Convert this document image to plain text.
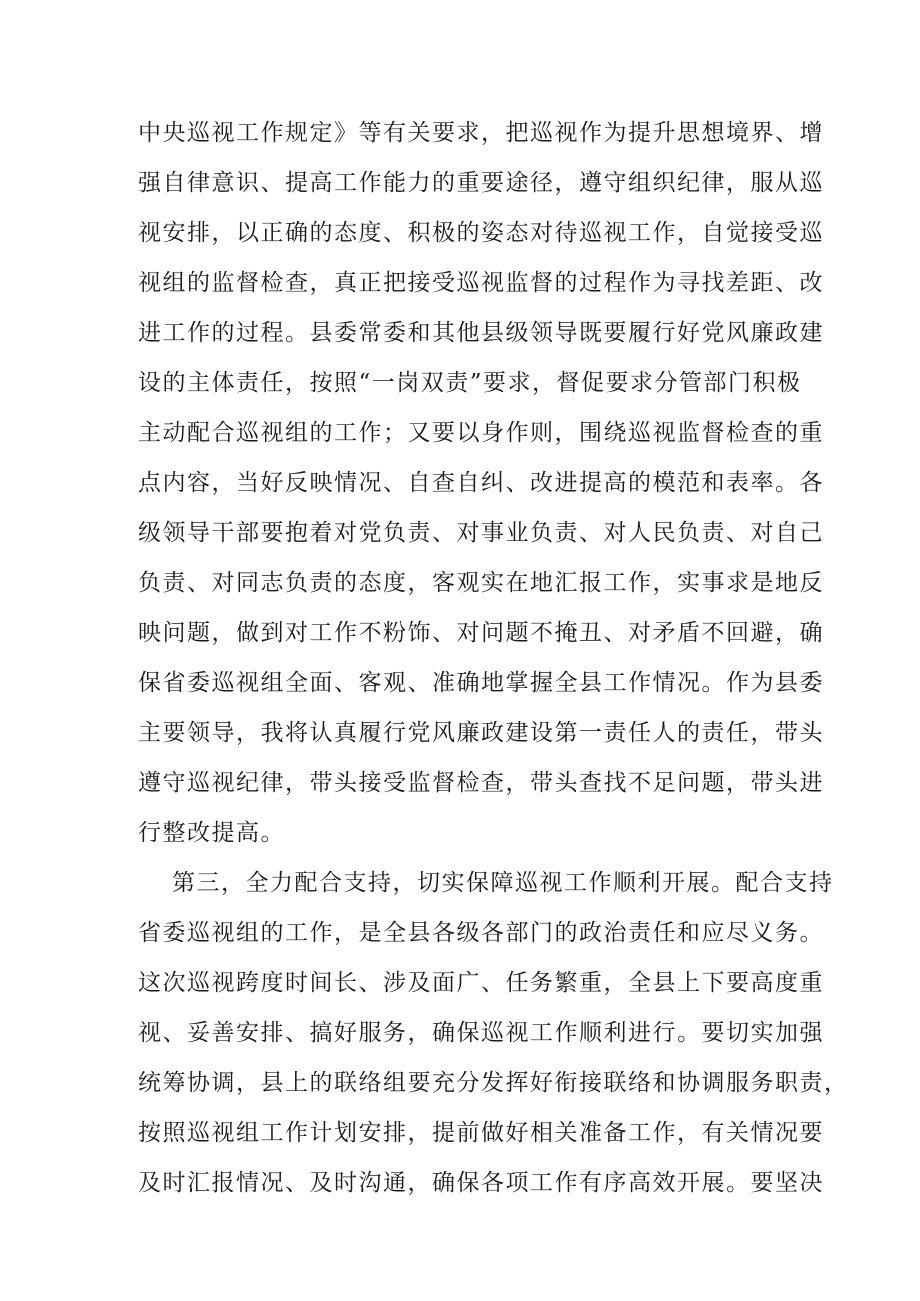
中央巡视工作规定》等有关要求，把巡视作为提升思想境界、增
强自律意识、提高工作能力的重要途径，遵守组织纪律，服从巡
视安排，以正确的态度、积极的姿态对待巡视工作，自觉接受巡
视组的监督检查，真正把接受巡视监督的过程作为寻找差距、改
进工作的过程。县委常委和其他县级领导既要履行好党风廉政建
设的主体责任，按照“一岗双责”要求，督促要求分管部门积极
主动配合巡视组的工作；又要以身作则，围绕巡视监督检查的重
点内容，当好反映情况、自查自纠、改进提高的模范和表率。各
级领导干部要抱着对党负责、对事业负责、对人民负责、对自己
负责、对同志负责的态度，客观实在地汇报工作，实事求是地反
映问题，做到对工作不粉饰、对问题不掩丑、对矛盾不回避，确
保省委巡视组全面、客观、准确地掌握全县工作情况。作为县委
主要领导，我将认真履行党风廉政建设第一责任人的责任，带头
遵守巡视纪律，带头接受监督检查，带头查找不足问题，带头进
行整改提高。
第三，全力配合支持，切实保障巡视工作顺利开展。配合支持
省委巡视组的工作，是全县各级各部门的政治责任和应尽义务。
这次巡视跨度时间长、涉及面广、任务繁重，全县上下要高度重
视、妥善安排、搞好服务，确保巡视工作顺利进行。要切实加强
统筹协调，县上的联络组要充分发挥好衔接联络和协调服务职责，
按照巡视组工作计划安排，提前做好相关准备工作，有关情况要
及时汇报情况、及时沟通，确保各项工作有序高效开展。要坚决
